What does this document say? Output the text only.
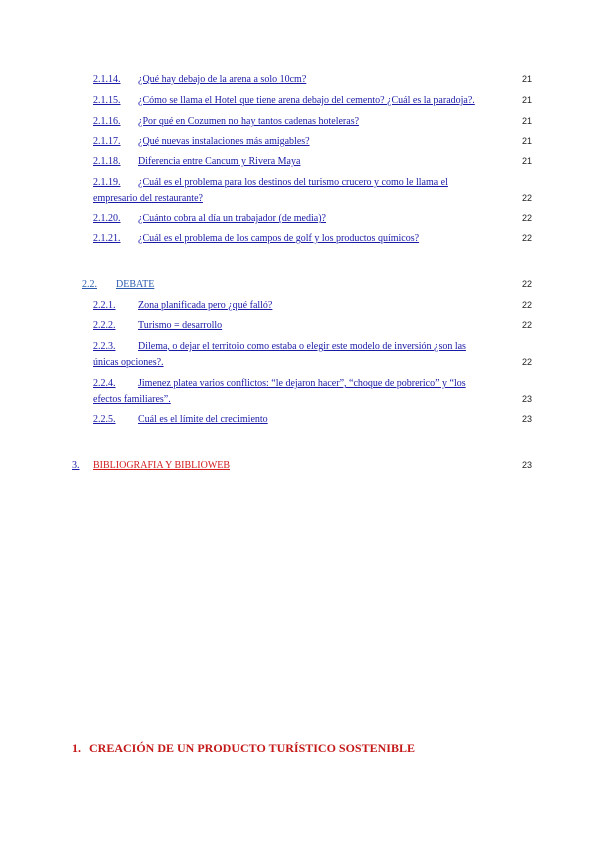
2.1.14. ¿Qué hay debajo de la arena a solo 10cm?	21
2.1.15. ¿Cómo se llama el Hotel que tiene arena debajo del cemento? ¿Cuál es la paradoja?.	21
2.1.16. ¿Por qué en Cozumen no hay tantos cadenas hoteleras?	21
2.1.17. ¿Qué nuevas instalaciones más amigables?	21
2.1.18. Diferencia entre Cancum y Rivera Maya	21
2.1.19. ¿Cuál es el problema para los destinos del turismo crucero y como le llama el
empresario del restaurante?	22
2.1.20. ¿Cuánto cobra al día un trabajador (de media)?	22
2.1.21. ¿Cuál es el problema de los campos de golf y los productos químicos?	22
2.2. DEBATE	22
2.2.1. Zona planificada pero ¿qué falló?	22
2.2.2. Turismo = desarrollo	22
2.2.3. Dilema, o dejar el territoio como estaba o elegir este modelo de inversión ¿son las
únicas opciones?.	22
2.2.4. Jimenez platea varios conflictos: “le dejaron hacer”, “choque de pobrerico” y “los
efectos familiares”.	23
2.2.5. Cuál es el límite del crecimiento	23
3. BIBLIOGRAFIA Y BIBLIOWEB	23
1. CREACIÓN DE UN PRODUCTO TURÍSTICO SOSTENIBLE
